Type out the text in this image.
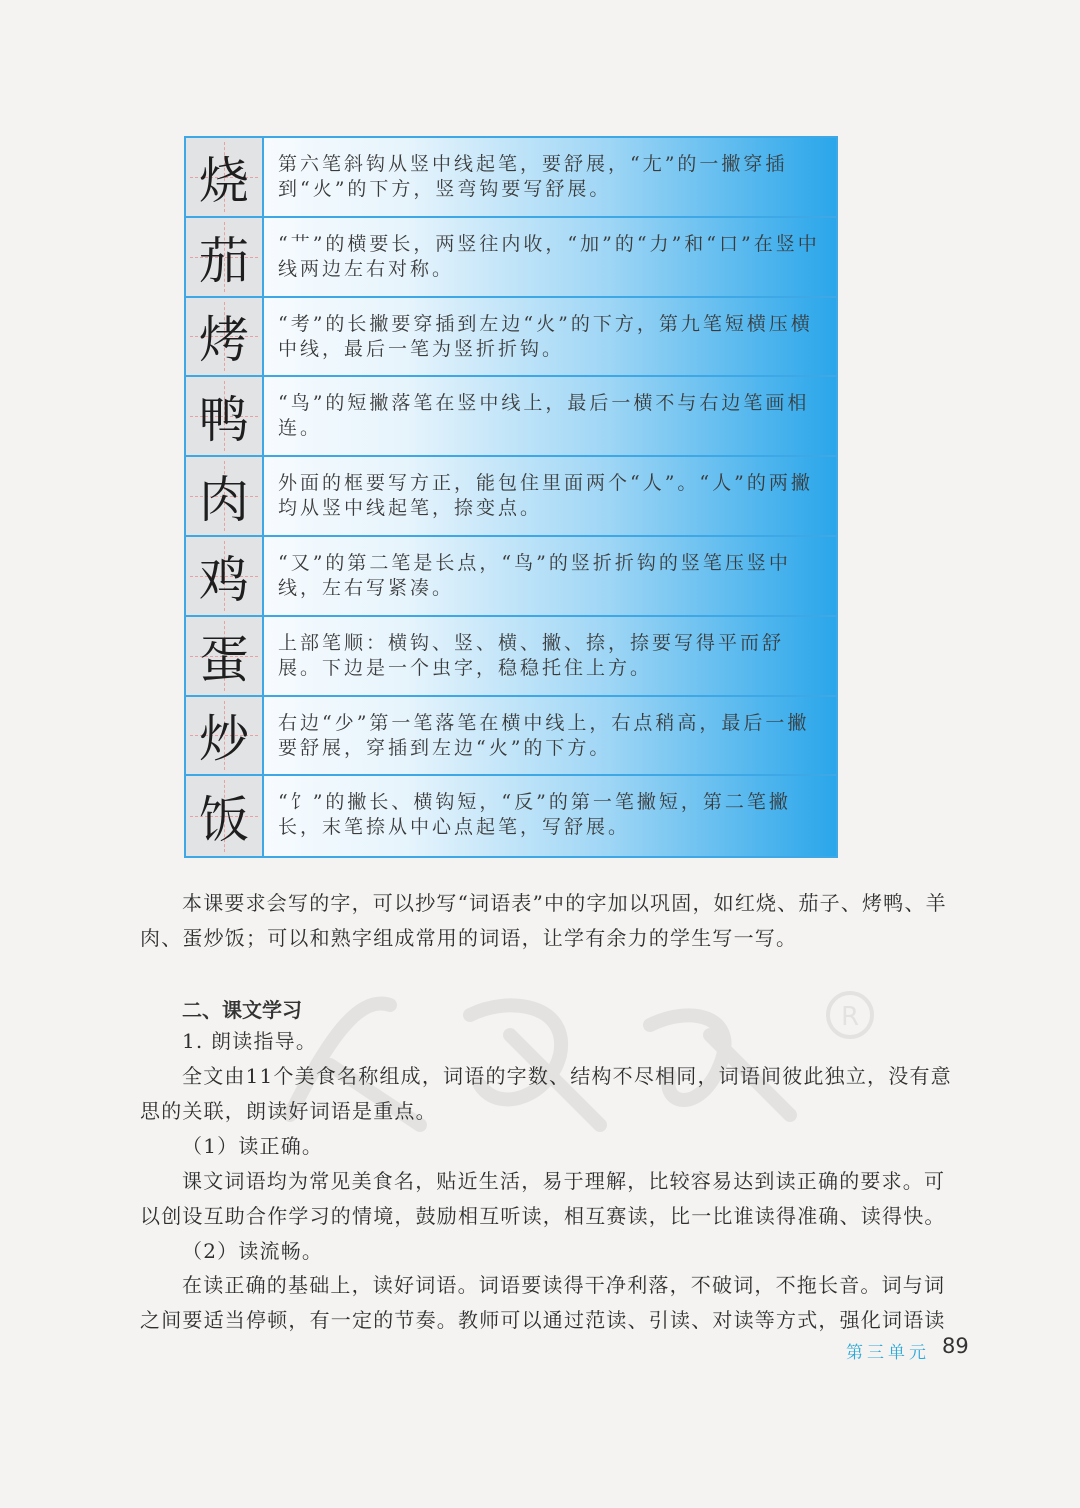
烧	第六笔斜钩从竖中线起笔，要舒展，“尢”的一撇穿插到“火”的下方，竖弯钩要写舒展。
茄	“艹”的横要长，两竖往内收，“加”的“力”和“口”在竖中线两边左右对称。
烤	“考”的长撇要穿插到左边“火”的下方，第九笔短横压横中线，最后一笔为竖折折钩。
鸭	“鸟”的短撇落笔在竖中线上，最后一横不与右边笔画相连。
肉	外面的框要写方正，能包住里面两个“人”。“人”的两撇均从竖中线起笔，捺变点。
鸡	“又”的第二笔是长点，“鸟”的竖折折钩的竖笔压竖中线，左右写紧凑。
蛋	上部笔顺：横钩、竖、横、撇、捺，捺要写得平而舒展。下边是一个虫字，稳稳托住上方。
炒	右边“少”第一笔落笔在横中线上，右点稍高，最后一撇要舒展，穿插到左边“火”的下方。
饭	“饣”的撇长、横钩短，“反”的第一笔撇短，第二笔撇长，末笔捺从中心点起笔，写舒展。

本课要求会写的字，可以抄写“词语表”中的字加以巩固，如红烧、茄子、烤鸭、羊肉、蛋炒饭；可以和熟字组成常用的词语，让学有余力的学生写一写。

R
二、课文学习

1. 朗读指导。

全文由11个美食名称组成，词语的字数、结构不尽相同，词语间彼此独立，没有意思的关联，朗读好词语是重点。

（1）读正确。

课文词语均为常见美食名，贴近生活，易于理解，比较容易达到读正确的要求。可以创设互助合作学习的情境，鼓励相互听读，相互赛读，比一比谁读得准确、读得快。

（2）读流畅。

在读正确的基础上，读好词语。词语要读得干净利落，不破词，不拖长音。词与词之间要适当停顿，有一定的节奏。教师可以通过范读、引读、对读等方式，强化词语读

第三单元 89
